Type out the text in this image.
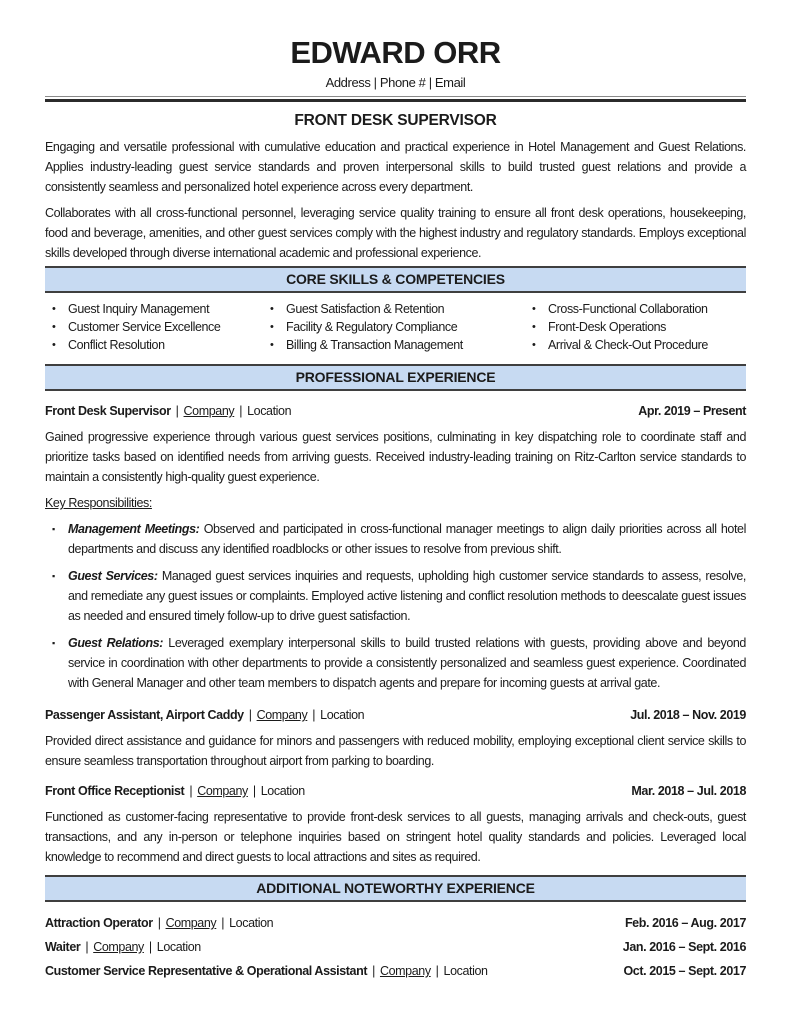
EDWARD ORR
Address | Phone # | Email
FRONT DESK SUPERVISOR

Engaging and versatile professional with cumulative education and practical experience in Hotel Management and Guest Relations. Applies industry-leading guest service standards and proven interpersonal skills to build trusted guest relations and provide a consistently seamless and personalized hotel experience across every department.

Collaborates with all cross-functional personnel, leveraging service quality training to ensure all front desk operations, housekeeping, food and beverage, amenities, and other guest services comply with the highest industry and regulatory standards. Employs exceptional skills developed through diverse international academic and professional experience.

CORE SKILLS & COMPETENCIES
•	Guest Inquiry Management
•	Customer Service Excellence
•	Conflict Resolution
•	Guest Satisfaction & Retention
•	Facility & Regulatory Compliance
•	Billing & Transaction Management
•	Cross-Functional Collaboration
•	Front-Desk Operations
•	Arrival & Check-Out Procedure
PROFESSIONAL EXPERIENCE
Front Desk Supervisor | Company | Location	Apr. 2019 – Present

Gained progressive experience through various guest services positions, culminating in key dispatching role to coordinate staff and prioritize tasks based on identified needs from arriving guests. Received industry-leading training on Ritz-Carlton service standards to maintain a consistently high-quality guest experience.

Key Responsibilities:
▪	Management Meetings: Observed and participated in cross-functional manager meetings to align daily priorities across all hotel departments and discuss any identified roadblocks or other issues to resolve from previous shift.

▪	Guest Services: Managed guest services inquiries and requests, upholding high customer service standards to assess, resolve, and remediate any guest issues or complaints. Employed active listening and conflict resolution methods to deescalate guest issues as needed and ensured timely follow-up to drive guest satisfaction.

▪	Guest Relations: Leveraged exemplary interpersonal skills to build trusted relations with guests, providing above and beyond service in coordination with other departments to provide a consistently personalized and seamless guest experience. Coordinated with General Manager and other team members to dispatch agents and prepare for incoming guests at arrival gate.

Passenger Assistant, Airport Caddy | Company | Location	Jul. 2018 – Nov. 2019

Provided direct assistance and guidance for minors and passengers with reduced mobility, employing exceptional client service skills to ensure seamless transportation throughout airport from parking to boarding.

Front Office Receptionist | Company | Location	Mar. 2018 – Jul. 2018

Functioned as customer-facing representative to provide front-desk services to all guests, managing arrivals and check-outs, guest transactions, and any in-person or telephone inquiries based on stringent hotel quality standards and policies. Leveraged local knowledge to recommend and direct guests to local attractions and sites as required.

ADDITIONAL NOTEWORTHY EXPERIENCE
Attraction Operator | Company | Location	Feb. 2016 – Aug. 2017
Waiter | Company | Location	Jan. 2016 – Sept. 2016
Customer Service Representative & Operational Assistant | Company | Location	Oct. 2015 – Sept. 2017
